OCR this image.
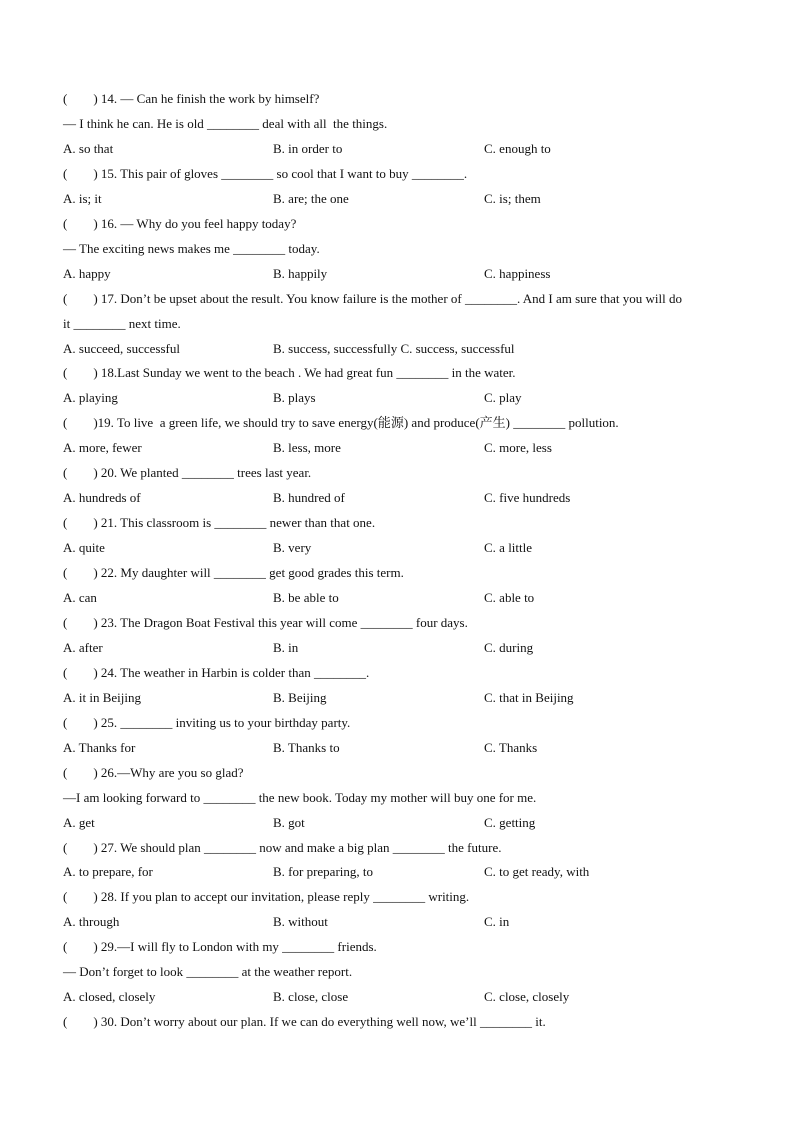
(        ) 14. — Can he finish the work by himself?
— I think he can. He is old ________ deal with all  the things.
A. so that	B. in order to	C. enough to
(        ) 15. This pair of gloves ________ so cool that I want to buy ________.
A. is; it	B. are; the one	C. is; them
(        ) 16. — Why do you feel happy today?
— The exciting news makes me ________ today.
A. happy	B. happily	C. happiness
(        ) 17. Don’t be upset about the result. You know failure is the mother of ________. And I am sure that you will do
it ________ next time.
A. succeed, successful	B. success, successfully C. success, successful
(        ) 18.Last Sunday we went to the beach . We had great fun ________ in the water.
A. playing	B. plays	C. play
(        )19. To live  a green life, we should try to save energy(能源) and produce(产生) ________ pollution.
A. more, fewer	B. less, more	C. more, less
(        ) 20. We planted ________ trees last year.
A. hundreds of	B. hundred of	C. five hundreds
(        ) 21. This classroom is ________ newer than that one.
A. quite	B. very	C. a little
(        ) 22. My daughter will ________ get good grades this term.
A. can	B. be able to	C. able to
(        ) 23. The Dragon Boat Festival this year will come ________ four days.
A. after	B. in	C. during
(        ) 24. The weather in Harbin is colder than ________.
A. it in Beijing	B. Beijing	C. that in Beijing
(        ) 25. ________ inviting us to your birthday party.
A. Thanks for	B. Thanks to	C. Thanks
(        ) 26.—Why are you so glad?
—I am looking forward to ________ the new book. Today my mother will buy one for me.
A. get	B. got	C. getting
(        ) 27. We should plan ________ now and make a big plan ________ the future.
A. to prepare, for	B. for preparing, to	C. to get ready, with
(        ) 28. If you plan to accept our invitation, please reply ________ writing.
A. through	B. without	C. in
(        ) 29.—I will fly to London with my ________ friends.
— Don’t forget to look ________ at the weather report.
A. closed, closely	B. close, close	C. close, closely
(        ) 30. Don’t worry about our plan. If we can do everything well now, we’ll ________ it.
